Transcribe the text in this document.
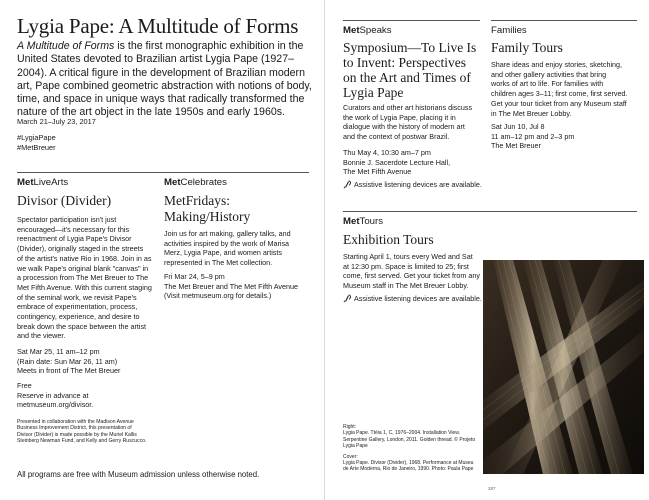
Lygia Pape: A Multitude of Forms

A Multitude of Forms is the first monographic exhibition in the United States devoted to Brazilian artist Lygia Pape (1927–2004). A critical figure in the development of Brazilian modern art, Pape combined geometric abstraction with notions of body, time, and space in unique ways that radically transformed the nature of the art object in the late 1950s and early 1960s.

March 21–July 23, 2017
#LygiaPape
#MetBreuer
MetLiveArts
Divisor (Divider)
Spectator participation isn't just
encouraged—it's necessary for this
reenactment of Lygia Pape's Divisor
(Divider), originally staged in the streets
of the artist's native Rio in 1968. Join in as
we walk Pape's original blank "canvas" in
a procession from The Met Breuer to The
Met Fifth Avenue. With this current staging
of the seminal work, we revisit Pape's
embrace of experimentation, process,
contingency, experience, and desire to
break down the space between the artist
and the viewer.
Sat Mar 25, 11 am–12 pm
(Rain date: Sun Mar 26, 11 am)
Meets in front of The Met Breuer
Free
Reserve in advance at
metmuseum.org/divisor.
Presented in collaboration with the Madison Avenue
Business Improvement District, this presentation of
Divisor (Divider) is made possible by the Muriel Kallis
Steinberg Newman Fund, and Kelly and Gerry Ruscucco.
MetCelebrates
MetFridays:
Making/History
Join us for art making, gallery talks, and
activities inspired by the work of Marisa
Merz, Lygia Pape, and women artists
represented in The Met collection.
Fri Mar 24, 5–9 pm
The Met Breuer and The Met Fifth Avenue
(Visit metmuseum.org for details.)
All programs are free with Museum admission unless otherwise noted.
MetSpeaks
Symposium—To Live Is
to Invent: Perspectives
on the Art and Times of
Lygia Pape
Curators and other art historians discuss
the work of Lygia Pape, placing it in
dialogue with the history of modern art
and the context of postwar Brazil.
Thu May 4, 10:30 am–7 pm
Bonnie J. Sacerdote Lecture Hall,
The Met Fifth Avenue
Assistive listening devices are available.
Families
Family Tours
Share ideas and enjoy stories, sketching,
and other gallery activities that bring
works of art to life. For families with
children ages 3–11; first come, first served.
Get your tour ticket from any Museum staff
in The Met Breuer Lobby.
Sat Jun 10, Jul 8
11 am–12 pm and 2–3 pm
The Met Breuer
MetTours
Exhibition Tours
Starting April 1, tours every Wed and Sat
at 12:30 pm. Space is limited to 25; first
come, first served. Get your ticket from any
Museum staff in The Met Breuer Lobby.
Assistive listening devices are available.
Right:
Lygia Pape. Ttéia 1, C, 1976–2004. Installation View.
Serpentine Gallery, London, 2011. Golden thread. © Projeto
Lygia Pape
Cover:
Lygia Pape. Divisor (Divider), 1968. Performance at Museu
de Arte Moderna, Rio de Janeiro, 1990. Photo: Paula Pape
287
